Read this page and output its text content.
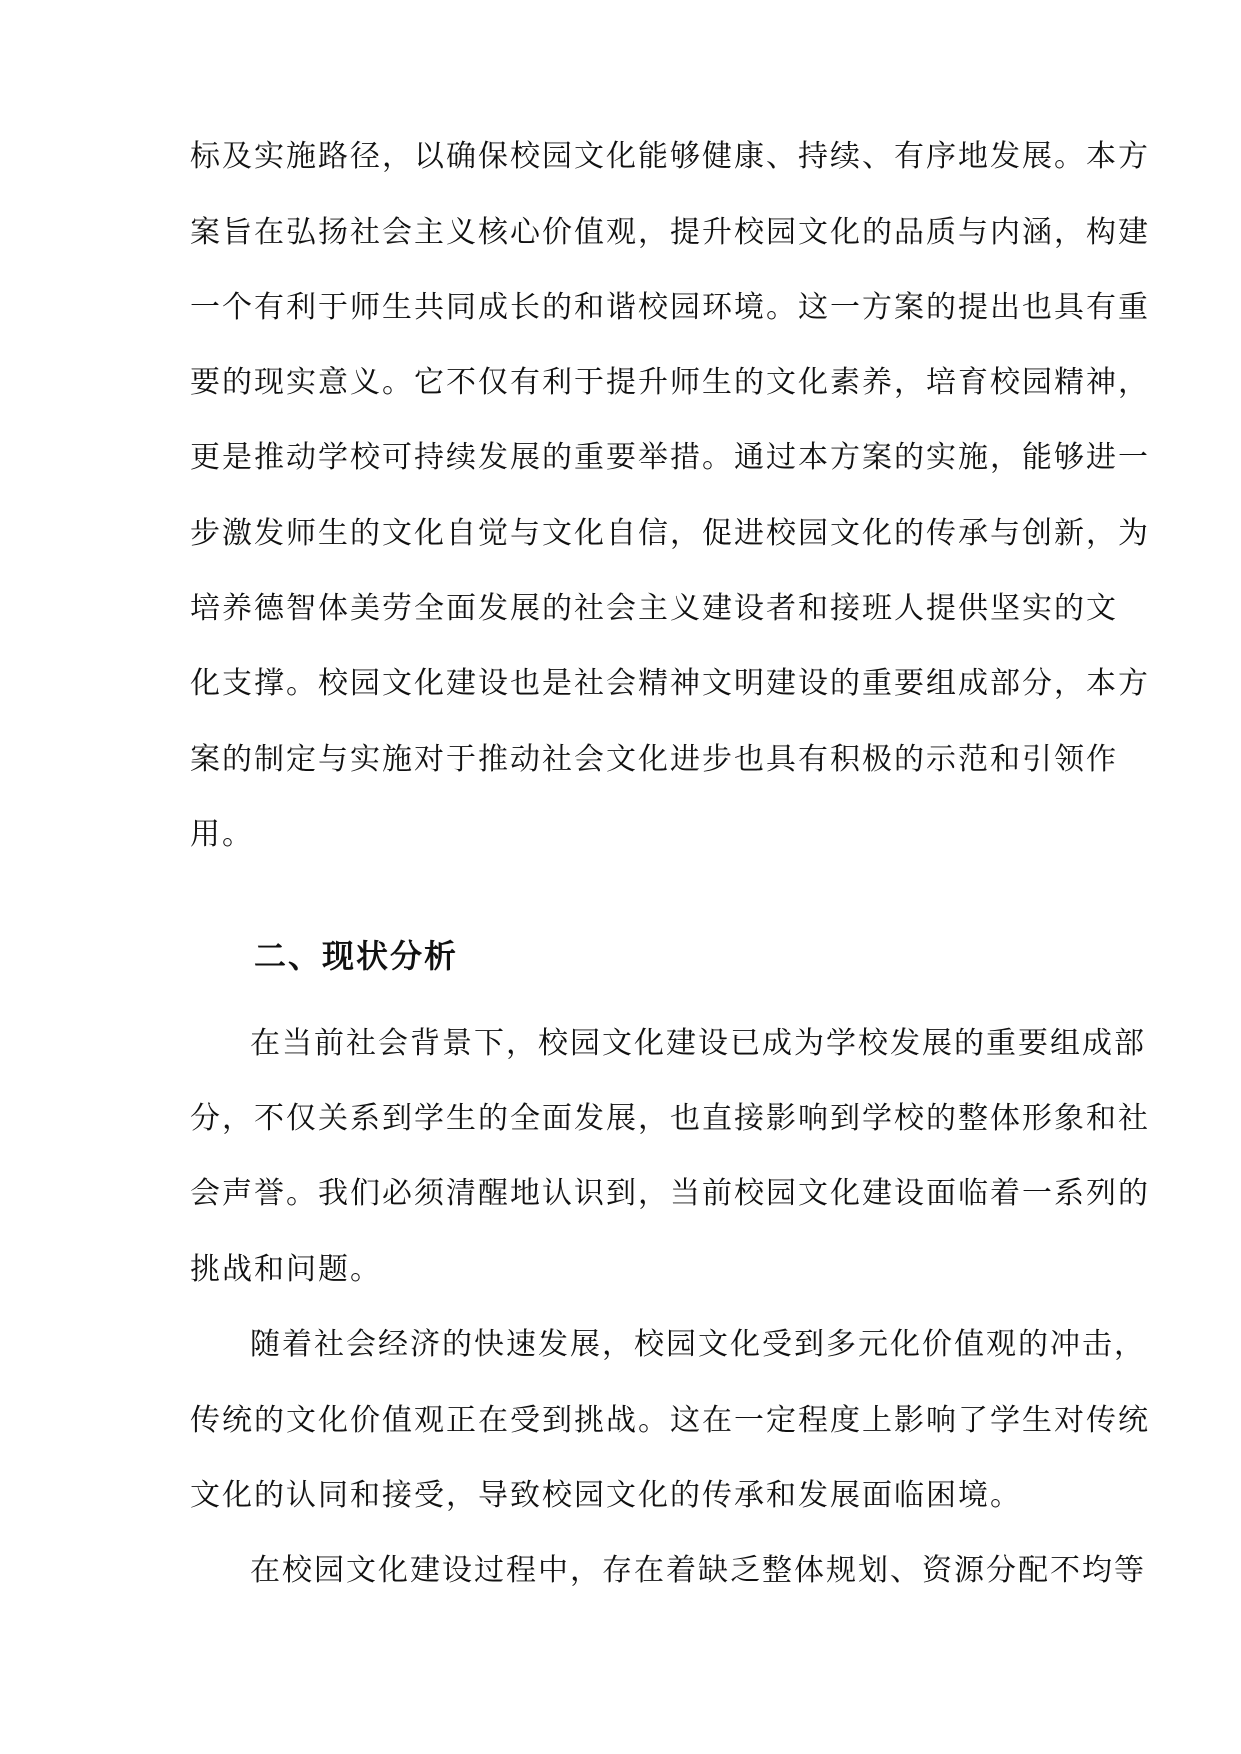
标及实施路径，以确保校园文化能够健康、持续、有序地发展。本方

案旨在弘扬社会主义核心价值观，提升校园文化的品质与内涵，构建

一个有利于师生共同成长的和谐校园环境。这一方案的提出也具有重

要的现实意义。它不仅有利于提升师生的文化素养，培育校园精神，

更是推动学校可持续发展的重要举措。通过本方案的实施，能够进一

步激发师生的文化自觉与文化自信，促进校园文化的传承与创新，为

培养德智体美劳全面发展的社会主义建设者和接班人提供坚实的文

化支撑。校园文化建设也是社会精神文明建设的重要组成部分，本方

案的制定与实施对于推动社会文化进步也具有积极的示范和引领作

用。

二、现状分析

在当前社会背景下，校园文化建设已成为学校发展的重要组成部

分，不仅关系到学生的全面发展，也直接影响到学校的整体形象和社

会声誉。我们必须清醒地认识到，当前校园文化建设面临着一系列的

挑战和问题。

随着社会经济的快速发展，校园文化受到多元化价值观的冲击，

传统的文化价值观正在受到挑战。这在一定程度上影响了学生对传统

文化的认同和接受，导致校园文化的传承和发展面临困境。

在校园文化建设过程中，存在着缺乏整体规划、资源分配不均等
